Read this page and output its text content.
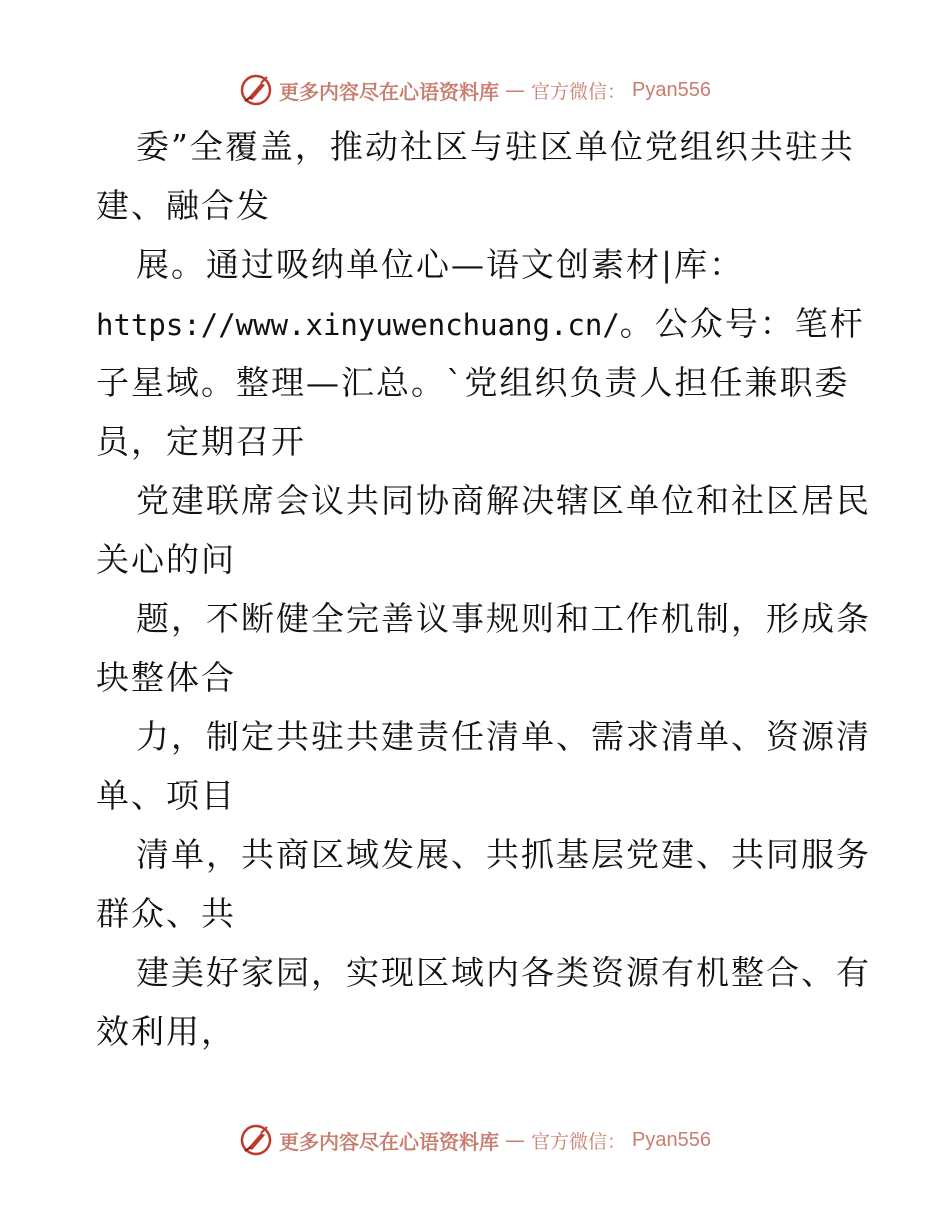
更多内容尽在心语资料库 — 官方微信： Pyan556
委”全覆盖，推动社区与驻区单位党组织共驻共
建、融合发
展。通过吸纳单位心—语文创素材|库：
https://www.xinyuwenchuang.cn/。公众号：笔杆
子星域。整理—汇总。`党组织负责人担任兼职委
员，定期召开
党建联席会议共同协商解决辖区单位和社区居民
关心的问
题，不断健全完善议事规则和工作机制，形成条
块整体合
力，制定共驻共建责任清单、需求清单、资源清
单、项目
清单，共商区域发展、共抓基层党建、共同服务
群众、共
建美好家园，实现区域内各类资源有机整合、有
效利用，
更多内容尽在心语资料库 — 官方微信： Pyan556
